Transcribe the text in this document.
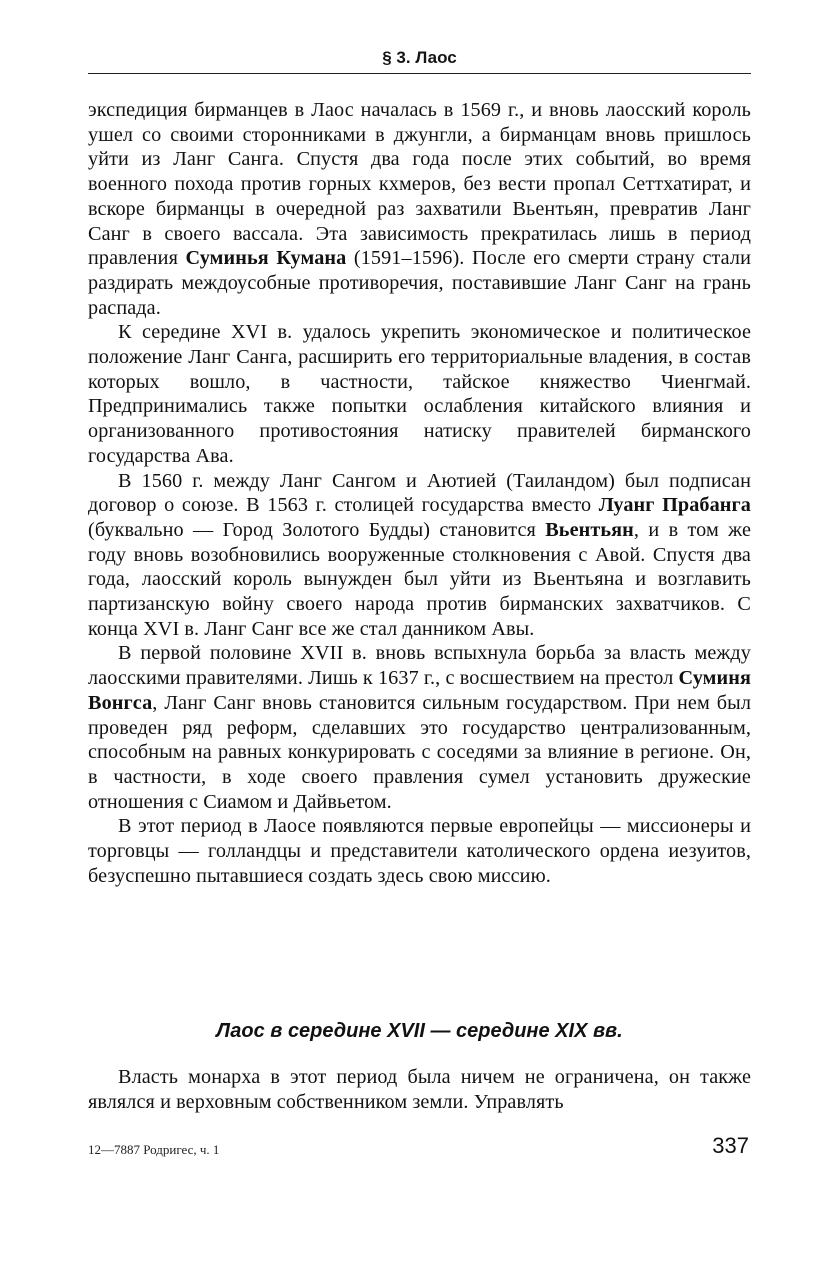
§ 3. Лаос

экспедиция бирманцев в Лаос началась в 1569 г., и вновь лаосский король ушел со своими сторонниками в джунгли, а бирманцам вновь пришлось уйти из Ланг Санга. Спустя два года после этих событий, во время военного похода против горных кхмеров, без вести пропал Сеттхатират, и вскоре бирманцы в очередной раз захватили Вьентьян, превратив Ланг Санг в своего вассала. Эта зависимость прекратилась лишь в период правления Суминья Кумана (1591–1596). После его смерти страну стали раздирать междоусобные противоречия, поставившие Ланг Санг на грань распада.

К середине XVI в. удалось укрепить экономическое и политическое положение Ланг Санга, расширить его территориальные владения, в состав которых вошло, в частности, тайское княжество Чиенгмай. Предпринимались также попытки ослабления китайского влияния и организованного противостояния натиску правителей бирманского государства Ава.

В 1560 г. между Ланг Сангом и Аютией (Таиландом) был подписан договор о союзе. В 1563 г. столицей государства вместо Луанг Прабанга (буквально — Город Золотого Будды) становится Вьентьян, и в том же году вновь возобновились вооруженные столкновения с Авой. Спустя два года, лаосский король вынужден был уйти из Вьентьяна и возглавить партизанскую войну своего народа против бирманских захватчиков. С конца XVI в. Ланг Санг все же стал данником Авы.

В первой половине XVII в. вновь вспыхнула борьба за власть между лаосскими правителями. Лишь к 1637 г., с восшествием на престол Суминя Вонгса, Ланг Санг вновь становится сильным государством. При нем был проведен ряд реформ, сделавших это государство централизованным, способным на равных конкурировать с соседями за влияние в регионе. Он, в частности, в ходе своего правления сумел установить дружеские отношения с Сиамом и Дайвьетом.

В этот период в Лаосе появляются первые европейцы — миссионеры и торговцы — голландцы и представители католического ордена иезуитов, безуспешно пытавшиеся создать здесь свою миссию.

Лаос в середине XVII — середине XIX вв.

Власть монарха в этот период была ничем не ограничена, он также являлся и верховным собственником земли. Управлять

12—7887 Родригес, ч. 1	337
